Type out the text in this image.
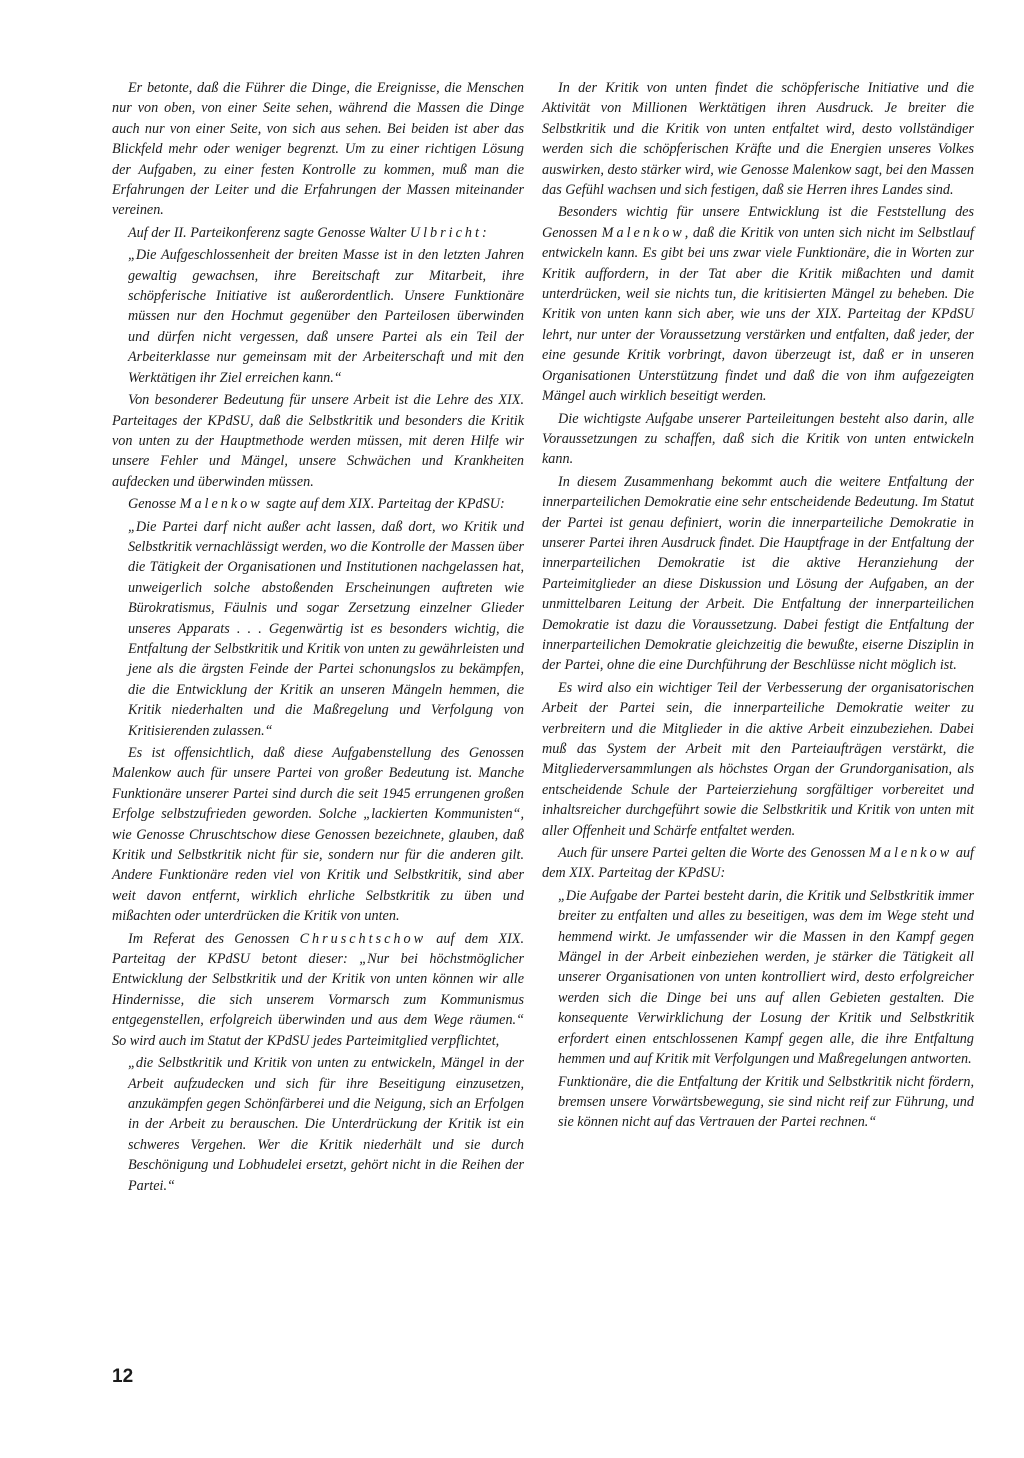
Er betonte, daß die Führer die Dinge, die Ereignisse, die Menschen nur von oben, von einer Seite sehen, während die Massen die Dinge auch nur von einer Seite, von sich aus sehen. Bei beiden ist aber das Blickfeld mehr oder weniger begrenzt. Um zu einer richtigen Lösung der Aufgaben, zu einer festen Kontrolle zu kommen, muß man die Erfahrungen der Leiter und die Erfahrungen der Massen miteinander vereinen.

Auf der II. Parteikonferenz sagte Genosse Walter Ulbricht:

„Die Aufgeschlossenheit der breiten Masse ist in den letzten Jahren gewaltig gewachsen, ihre Bereitschaft zur Mitarbeit, ihre schöpferische Initiative ist außerordentlich. Unsere Funktionäre müssen nur den Hochmut gegenüber den Parteilosen überwinden und dürfen nicht vergessen, daß unsere Partei als ein Teil der Arbeiterklasse nur gemeinsam mit der Arbeiterschaft und mit den Werktätigen ihr Ziel erreichen kann.“

Von besonderer Bedeutung für unsere Arbeit ist die Lehre des XIX. Parteitages der KPdSU, daß die Selbstkritik und besonders die Kritik von unten zu der Hauptmethode werden müssen, mit deren Hilfe wir unsere Fehler und Mängel, unsere Schwächen und Krankheiten aufdecken und überwinden müssen.

Genosse Malenkow sagte auf dem XIX. Parteitag der KPdSU:

„Die Partei darf nicht außer acht lassen, daß dort, wo Kritik und Selbstkritik vernachlässigt werden, wo die Kontrolle der Massen über die Tätigkeit der Organisationen und Institutionen nachgelassen hat, unweigerlich solche abstoßenden Erscheinungen auftreten wie Bürokratismus, Fäulnis und sogar Zersetzung einzelner Glieder unseres Apparats . . . Gegenwärtig ist es besonders wichtig, die Entfaltung der Selbstkritik und Kritik von unten zu gewährleisten und jene als die ärgsten Feinde der Partei schonungslos zu bekämpfen, die die Entwicklung der Kritik an unseren Mängeln hemmen, die Kritik niederhalten und die Maßregelung und Verfolgung von Kritisierenden zulassen.“

Es ist offensichtlich, daß diese Aufgabenstellung des Genossen Malenkow auch für unsere Partei von großer Bedeutung ist. Manche Funktionäre unserer Partei sind durch die seit 1945 errungenen großen Erfolge selbstzufrieden geworden. Solche „lackierten Kommunisten“, wie Genosse Chruschtschow diese Genossen bezeichnete, glauben, daß Kritik und Selbstkritik nicht für sie, sondern nur für die anderen gilt. Andere Funktionäre reden viel von Kritik und Selbstkritik, sind aber weit davon entfernt, wirklich ehrliche Selbstkritik zu üben und mißachten oder unterdrücken die Kritik von unten.

Im Referat des Genossen Chruschtschow auf dem XIX. Parteitag der KPdSU betont dieser: „Nur bei höchstmöglicher Entwicklung der Selbstkritik und der Kritik von unten können wir alle Hindernisse, die sich unserem Vormarsch zum Kommunismus entgegenstellen, erfolgreich überwinden und aus dem Wege räumen.“ So wird auch im Statut der KPdSU jedes Parteimitglied verpflichtet,

„die Selbstkritik und Kritik von unten zu entwickeln, Mängel in der Arbeit aufzudecken und sich für ihre Beseitigung einzusetzen, anzukämpfen gegen Schönfärberei und die Neigung, sich an Erfolgen in der Arbeit zu berauschen. Die Unterdrückung der Kritik ist ein schweres Vergehen. Wer die Kritik niederhält und sie durch Beschönigung und Lobhudelei ersetzt, gehört nicht in die Reihen der Partei.“

In der Kritik von unten findet die schöpferische Initiative und die Aktivität von Millionen Werktätigen ihren Ausdruck. Je breiter die Selbstkritik und die Kritik von unten entfaltet wird, desto vollständiger werden sich die schöpferischen Kräfte und die Energien unseres Volkes auswirken, desto stärker wird, wie Genosse Malenkow sagt, bei den Massen das Gefühl wachsen und sich festigen, daß sie Herren ihres Landes sind.

Besonders wichtig für unsere Entwicklung ist die Feststellung des Genossen Malenkow, daß die Kritik von unten sich nicht im Selbstlauf entwickeln kann. Es gibt bei uns zwar viele Funktionäre, die in Worten zur Kritik auffordern, in der Tat aber die Kritik mißachten und damit unterdrücken, weil sie nichts tun, die kritisierten Mängel zu beheben. Die Kritik von unten kann sich aber, wie uns der XIX. Parteitag der KPdSU lehrt, nur unter der Voraussetzung verstärken und entfalten, daß jeder, der eine gesunde Kritik vorbringt, davon überzeugt ist, daß er in unseren Organisationen Unterstützung findet und daß die von ihm aufgezeigten Mängel auch wirklich beseitigt werden.

Die wichtigste Aufgabe unserer Parteileitungen besteht also darin, alle Voraussetzungen zu schaffen, daß sich die Kritik von unten entwickeln kann.

In diesem Zusammenhang bekommt auch die weitere Entfaltung der innerparteilichen Demokratie eine sehr entscheidende Bedeutung. Im Statut der Partei ist genau definiert, worin die innerparteiliche Demokratie in unserer Partei ihren Ausdruck findet. Die Hauptfrage in der Entfaltung der innerparteilichen Demokratie ist die aktive Heranziehung der Parteimitglieder an diese Diskussion und Lösung der Aufgaben, an der unmittelbaren Leitung der Arbeit. Die Entfaltung der innerparteilichen Demokratie ist dazu die Voraussetzung. Dabei festigt die Entfaltung der innerparteilichen Demokratie gleichzeitig die bewußte, eiserne Disziplin in der Partei, ohne die eine Durchführung der Beschlüsse nicht möglich ist.

Es wird also ein wichtiger Teil der Verbesserung der organisatorischen Arbeit der Partei sein, die innerparteiliche Demokratie weiter zu verbreitern und die Mitglieder in die aktive Arbeit einzubeziehen. Dabei muß das System der Arbeit mit den Parteiaufträgen verstärkt, die Mitgliederversammlungen als höchstes Organ der Grundorganisation, als entscheidende Schule der Parteierziehung sorgfältiger vorbereitet und inhaltsreicher durchgeführt sowie die Selbstkritik und Kritik von unten mit aller Offenheit und Schärfe entfaltet werden.

Auch für unsere Partei gelten die Worte des Genossen Malenkow auf dem XIX. Parteitag der KPdSU:

„Die Aufgabe der Partei besteht darin, die Kritik und Selbstkritik immer breiter zu entfalten und alles zu beseitigen, was dem im Wege steht und hemmend wirkt. Je umfassender wir die Massen in den Kampf gegen Mängel in der Arbeit einbeziehen werden, je stärker die Tätigkeit all unserer Organisationen von unten kontrolliert wird, desto erfolgreicher werden sich die Dinge bei uns auf allen Gebieten gestalten. Die konsequente Verwirklichung der Losung der Kritik und Selbstkritik erfordert einen entschlossenen Kampf gegen alle, die ihre Entfaltung hemmen und auf Kritik mit Verfolgungen und Maßregelungen antworten.

Funktionäre, die die Entfaltung der Kritik und Selbstkritik nicht fördern, bremsen unsere Vorwärtsbewegung, sie sind nicht reif zur Führung, und sie können nicht auf das Vertrauen der Partei rechnen.“

12
